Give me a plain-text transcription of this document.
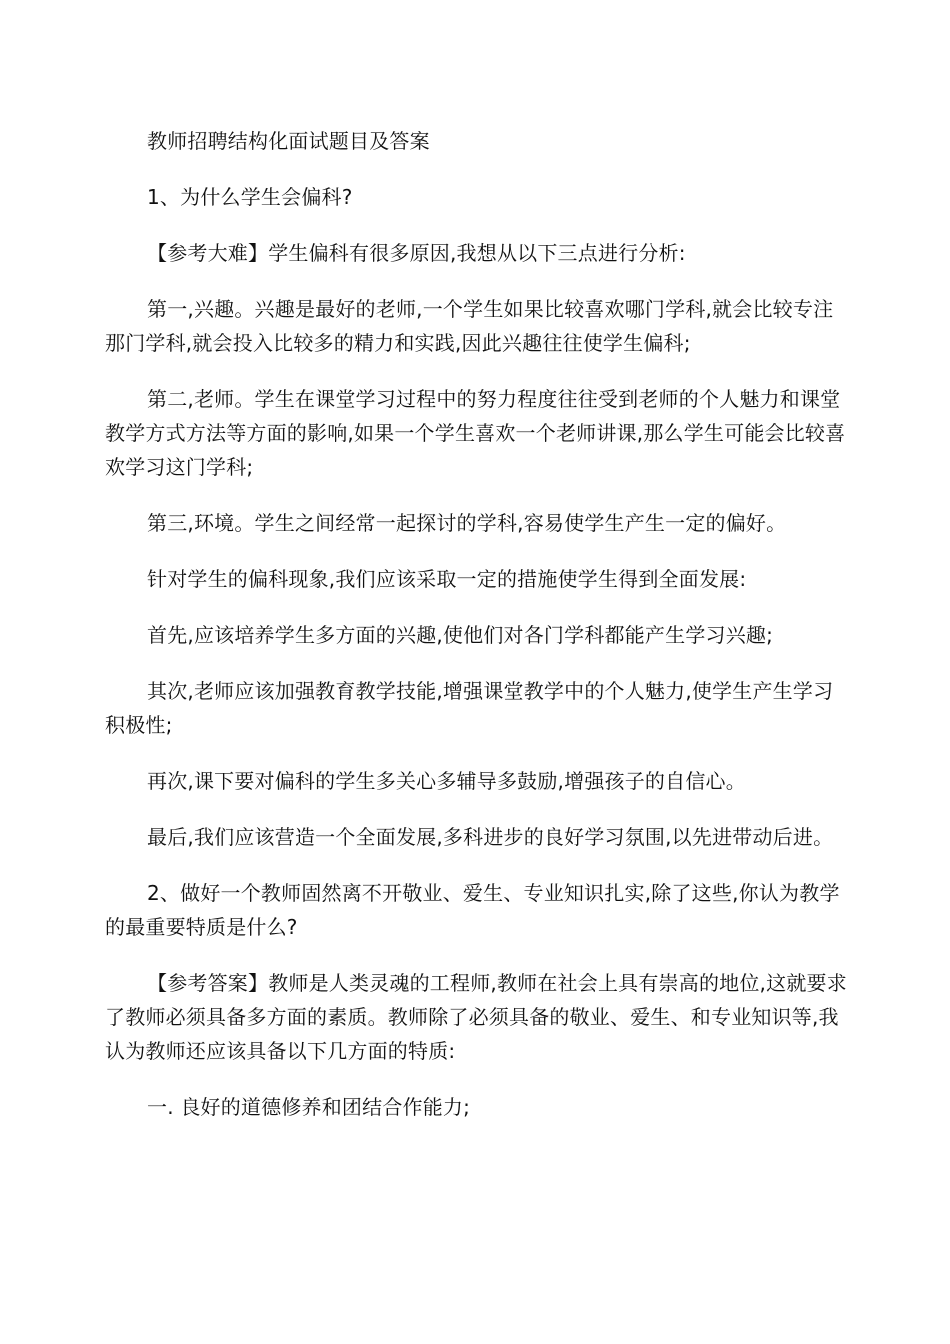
教师招聘结构化面试题目及答案

1、为什么学生会偏科?

【参考大难】学生偏科有很多原因,我想从以下三点进行分析:

第一,兴趣。兴趣是最好的老师,一个学生如果比较喜欢哪门学科,就会比较专注那门学科,就会投入比较多的精力和实践,因此兴趣往往使学生偏科;

第二,老师。学生在课堂学习过程中的努力程度往往受到老师的个人魅力和课堂教学方式方法等方面的影响,如果一个学生喜欢一个老师讲课,那么学生可能会比较喜欢学习这门学科;

第三,环境。学生之间经常一起探讨的学科,容易使学生产生一定的偏好。

针对学生的偏科现象,我们应该采取一定的措施使学生得到全面发展:

首先,应该培养学生多方面的兴趣,使他们对各门学科都能产生学习兴趣;

其次,老师应该加强教育教学技能,增强课堂教学中的个人魅力,使学生产生学习积极性;

再次,课下要对偏科的学生多关心多辅导多鼓励,增强孩子的自信心。

最后,我们应该营造一个全面发展,多科进步的良好学习氛围,以先进带动后进。

2、做好一个教师固然离不开敬业、爱生、专业知识扎实,除了这些,你认为教学的最重要特质是什么?

【参考答案】教师是人类灵魂的工程师,教师在社会上具有崇高的地位,这就要求了教师必须具备多方面的素质。教师除了必须具备的敬业、爱生、和专业知识等,我认为教师还应该具备以下几方面的特质:

一. 良好的道德修养和团结合作能力;
